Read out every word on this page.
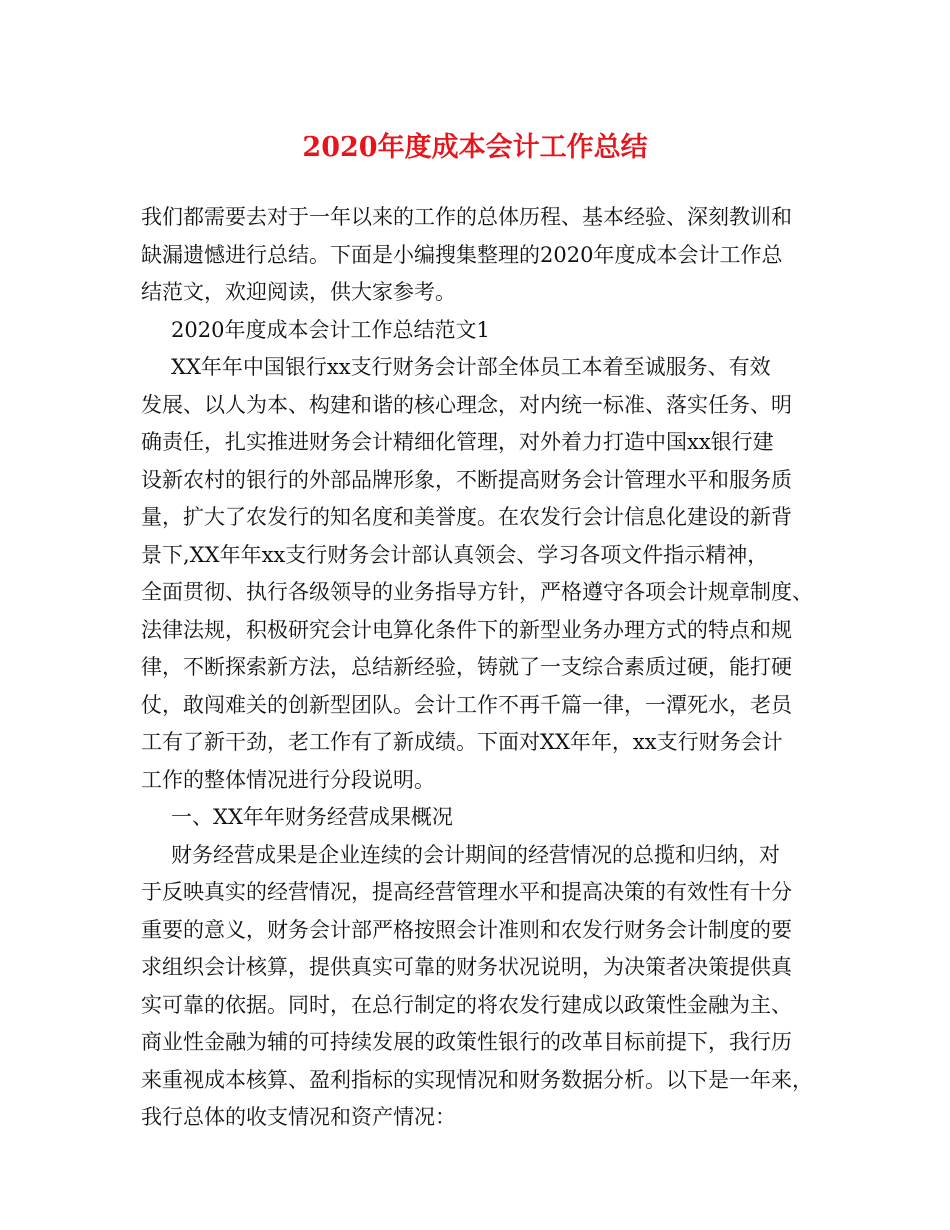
2020年度成本会计工作总结
我们都需要去对于一年以来的工作的总体历程、基本经验、深刻教训和
缺漏遗憾进行总结。下面是小编搜集整理的2020年度成本会计工作总
结范文，欢迎阅读，供大家参考。
2020年度成本会计工作总结范文1
XX年年中国银行xx支行财务会计部全体员工本着至诚服务、有效
发展、以人为本、构建和谐的核心理念，对内统一标准、落实任务、明
确责任，扎实推进财务会计精细化管理，对外着力打造中国xx银行建
设新农村的银行的外部品牌形象，不断提高财务会计管理水平和服务质
量，扩大了农发行的知名度和美誉度。在农发行会计信息化建设的新背
景下,XX年年xx支行财务会计部认真领会、学习各项文件指示精神，
全面贯彻、执行各级领导的业务指导方针，严格遵守各项会计规章制度、
法律法规，积极研究会计电算化条件下的新型业务办理方式的特点和规
律，不断探索新方法，总结新经验，铸就了一支综合素质过硬，能打硬
仗，敢闯难关的创新型团队。会计工作不再千篇一律，一潭死水，老员
工有了新干劲，老工作有了新成绩。下面对XX年年，xx支行财务会计
工作的整体情况进行分段说明。
一、XX年年财务经营成果概况
财务经营成果是企业连续的会计期间的经营情况的总揽和归纳，对
于反映真实的经营情况，提高经营管理水平和提高决策的有效性有十分
重要的意义，财务会计部严格按照会计准则和农发行财务会计制度的要
求组织会计核算，提供真实可靠的财务状况说明，为决策者决策提供真
实可靠的依据。同时，在总行制定的将农发行建成以政策性金融为主、
商业性金融为辅的可持续发展的政策性银行的改革目标前提下，我行历
来重视成本核算、盈利指标的实现情况和财务数据分析。以下是一年来，
我行总体的收支情况和资产情况：
